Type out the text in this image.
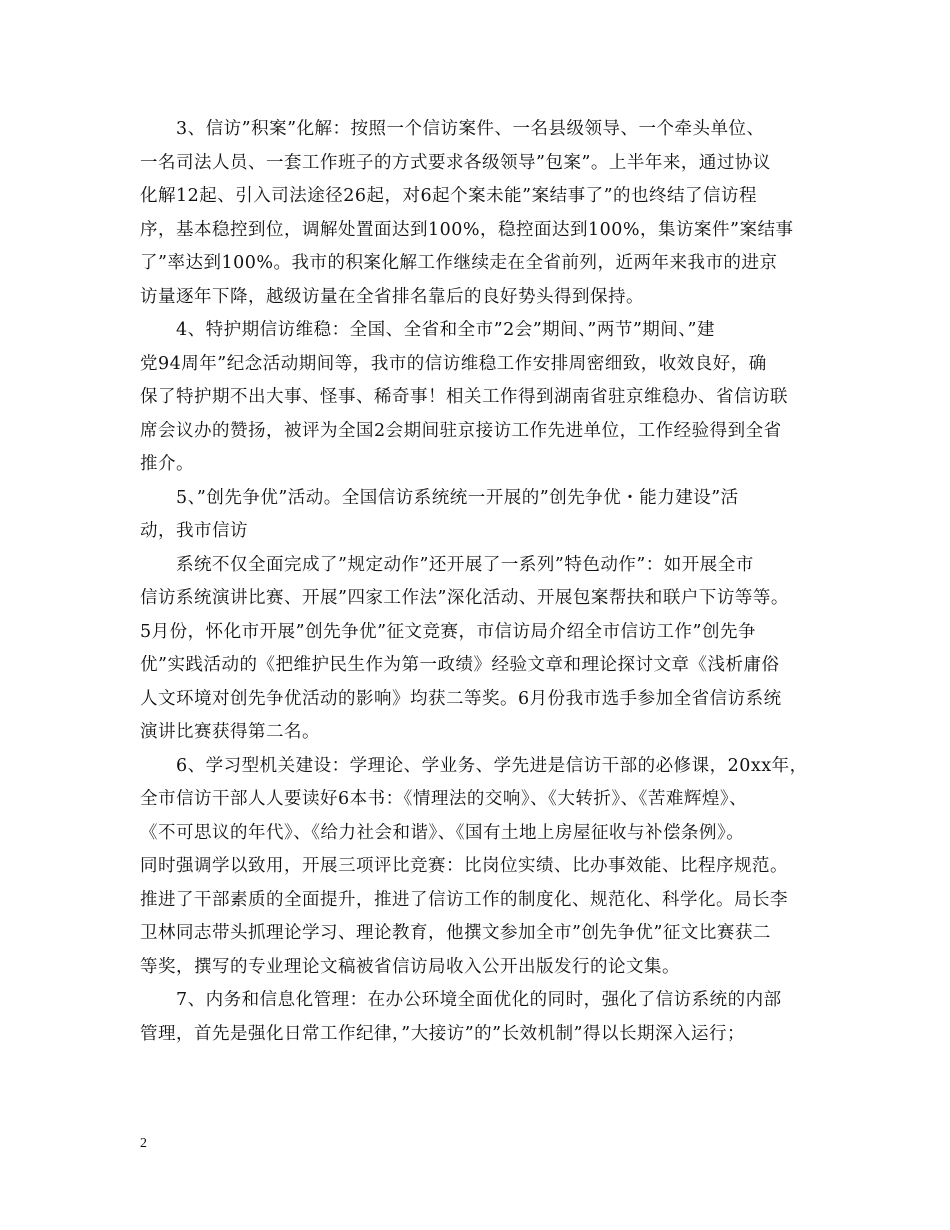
3、信访”积案”化解：按照一个信访案件、一名县级领导、一个牵头单位、
一名司法人员、一套工作班子的方式要求各级领导”包案”。上半年来，通过协议
化解12起、引入司法途径26起，对6起个案未能”案结事了”的也终结了信访程
序，基本稳控到位，调解处置面达到100%，稳控面达到100%，集访案件”案结事
了”率达到100%。我市的积案化解工作继续走在全省前列，近两年来我市的进京
访量逐年下降，越级访量在全省排名靠后的良好势头得到保持。
4、特护期信访维稳：全国、全省和全市”2会”期间、”两节”期间、”建
党94周年”纪念活动期间等，我市的信访维稳工作安排周密细致，收效良好，确
保了特护期不出大事、怪事、稀奇事！相关工作得到湖南省驻京维稳办、省信访联
席会议办的赞扬，被评为全国2会期间驻京接访工作先进单位，工作经验得到全省
推介。
5、”创先争优”活动。全国信访系统统一开展的”创先争优・能力建设”活
动，我市信访
系统不仅全面完成了”规定动作”还开展了一系列”特色动作”：如开展全市
信访系统演讲比赛、开展”四家工作法”深化活动、开展包案帮扶和联户下访等等。
5月份，怀化市开展”创先争优”征文竞赛，市信访局介绍全市信访工作”创先争
优”实践活动的《把维护民生作为第一政绩》经验文章和理论探讨文章《浅析庸俗
人文环境对创先争优活动的影响》均获二等奖。6月份我市选手参加全省信访系统
演讲比赛获得第二名。
6、学习型机关建设：学理论、学业务、学先进是信访干部的必修课，20xx年，
全市信访干部人人要读好6本书：《情理法的交响》、《大转折》、《苦难辉煌》、
《不可思议的年代》、《给力社会和谐》、《国有土地上房屋征收与补偿条例》。
同时强调学以致用，开展三项评比竞赛：比岗位实绩、比办事效能、比程序规范。
推进了干部素质的全面提升，推进了信访工作的制度化、规范化、科学化。局长李
卫林同志带头抓理论学习、理论教育，他撰文参加全市”创先争优”征文比赛获二
等奖，撰写的专业理论文稿被省信访局收入公开出版发行的论文集。
7、内务和信息化管理：在办公环境全面优化的同时，强化了信访系统的内部
管理，首先是强化日常工作纪律，”大接访”的”长效机制”得以长期深入运行；
2
